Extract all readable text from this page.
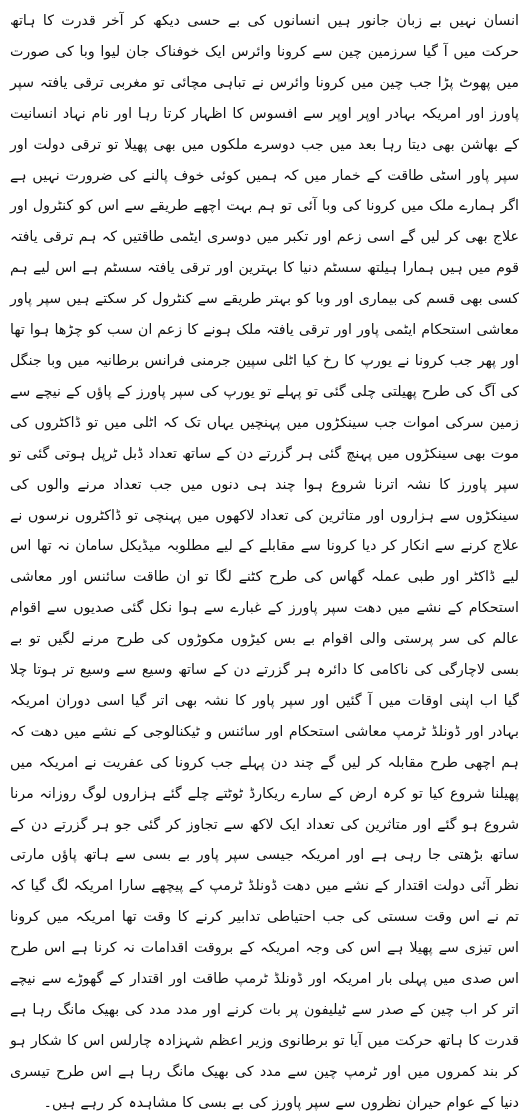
انسان نہیں بے زبان جانور ہیں انسانوں کی بے حسی دیکھ کر آخر قدرت کا ہاتھ حرکت میں آ گیا سرزمین چین سے کرونا وائرس ایک خوفناک جان لیوا وبا کی صورت میں پھوٹ پڑا جب چین میں کرونا وائرس نے تباہی مچائی تو مغربی ترقی یافتہ سپر پاورز اور امریکہ بہادر اوپر اوپر سے افسوس کا اظہار کرتا رہا اور نام نہاد انسانیت کے بھاشن بھی دیتا رہا بعد میں جب دوسرے ملکوں میں بھی پھیلا تو ترقی دولت اور سپر پاور اسٹی طاقت کے خمار میں کہ ہمیں کوئی خوف پالنے کی ضرورت نہیں ہے اگر ہمارے ملک میں کرونا کی وبا آئی تو ہم بہت اچھے طریقے سے اس کو کنٹرول اور علاج بھی کر لیں گے اسی زعم اور تکبر میں دوسری ایٹمی طاقتیں کہ ہم ترقی یافتہ قوم میں ہیں ہمارا ہیلتھ سسٹم دنیا کا بہترین اور ترقی یافتہ سسٹم ہے اس لیے ہم کسی بھی قسم کی بیماری اور وبا کو بہتر طریقے سے کنٹرول کر سکتے ہیں سپر پاور معاشی استحکام ایٹمی پاور اور ترقی یافتہ ملک ہونے کا زعم ان سب کو چڑھا ہوا تھا اور پھر جب کرونا نے یورپ کا رخ کیا اٹلی سپین جرمنی فرانس برطانیہ میں وبا جنگل کی آگ کی طرح پھیلتی چلی گئی تو پہلے تو یورپ کی سپر پاورز کے پاؤں کے نیچے سے زمین سرکی اموات جب سینکڑوں میں پہنچیں یہاں تک کہ اٹلی میں تو ڈاکٹروں کی موت بھی سینکڑوں میں پہنچ گئی ہر گزرتے دن کے ساتھ تعداد ڈبل ٹرپل ہوتی گئی تو سپر پاورز کا نشہ اترنا شروع ہوا چند ہی دنوں میں جب تعداد مرنے والوں کی سینکڑوں سے ہزاروں اور متاثرین کی تعداد لاکھوں میں پہنچی تو ڈاکٹروں نرسوں نے علاج کرنے سے انکار کر دیا کرونا سے مقابلے کے لیے مطلوبہ میڈیکل سامان نہ تھا اس لیے ڈاکٹر اور طبی عملہ گھاس کی طرح کٹنے لگا تو ان طاقت سائنس اور معاشی استحکام کے نشے میں دھت سپر پاورز کے غبارے سے ہوا نکل گئی صدیوں سے اقوام عالم کی سر پرستی والی اقوام بے بس کیڑوں مکوڑوں کی طرح مرنے لگیں تو بے بسی لاچارگی کی ناکامی کا دائرہ ہر گزرتے دن کے ساتھ وسیع سے وسیع تر ہوتا چلا گیا اب اپنی اوقات میں آ گئیں اور سپر پاور کا نشہ بھی اتر گیا اسی دوران امریکہ بہادر اور ڈونلڈ ٹرمپ معاشی استحکام اور سائنس و ٹیکنالوجی کے نشے میں دھت کہ ہم اچھی طرح مقابلہ کر لیں گے چند دن پہلے جب کرونا کی عفریت نے امریکہ میں پھیلنا شروع کیا تو کرہ ارض کے سارے ریکارڈ ٹوٹتے چلے گئے ہزاروں لوگ روزانہ مرنا شروع ہو گئے اور متاثرین کی تعداد ایک لاکھ سے تجاوز کر گئی جو ہر گزرتے دن کے ساتھ بڑھتی جا رہی ہے اور امریکہ جیسی سپر پاور بے بسی سے ہاتھ پاؤں مارتی نظر آئی دولت اقتدار کے نشے میں دھت ڈونلڈ ٹرمپ کے پیچھے سارا امریکہ لگ گیا کہ تم نے اس وقت سستی کی جب احتیاطی تدابیر کرنے کا وقت تھا امریکہ میں کرونا اس تیزی سے پھیلا ہے اس کی وجہ امریکہ کے بروقت اقدامات نہ کرنا ہے اس طرح اس صدی میں پہلی بار امریکہ اور ڈونلڈ ٹرمپ طاقت اور اقتدار کے گھوڑے سے نیچے اتر کر اب چین کے صدر سے ٹیلیفون پر بات کرنے اور مدد مدد کی بھیک مانگ رہا ہے قدرت کا ہاتھ حرکت میں آیا تو برطانوی وزیر اعظم شہزادہ چارلس اس کا شکار ہو کر بند کمروں میں اور ٹرمپ چین سے مدد کی بھیک مانگ رہا ہے اس طرح تیسری دنیا کے عوام حیران نظروں سے سپر پاورز کی بے بسی کا مشاہدہ کر رہے ہیں۔
